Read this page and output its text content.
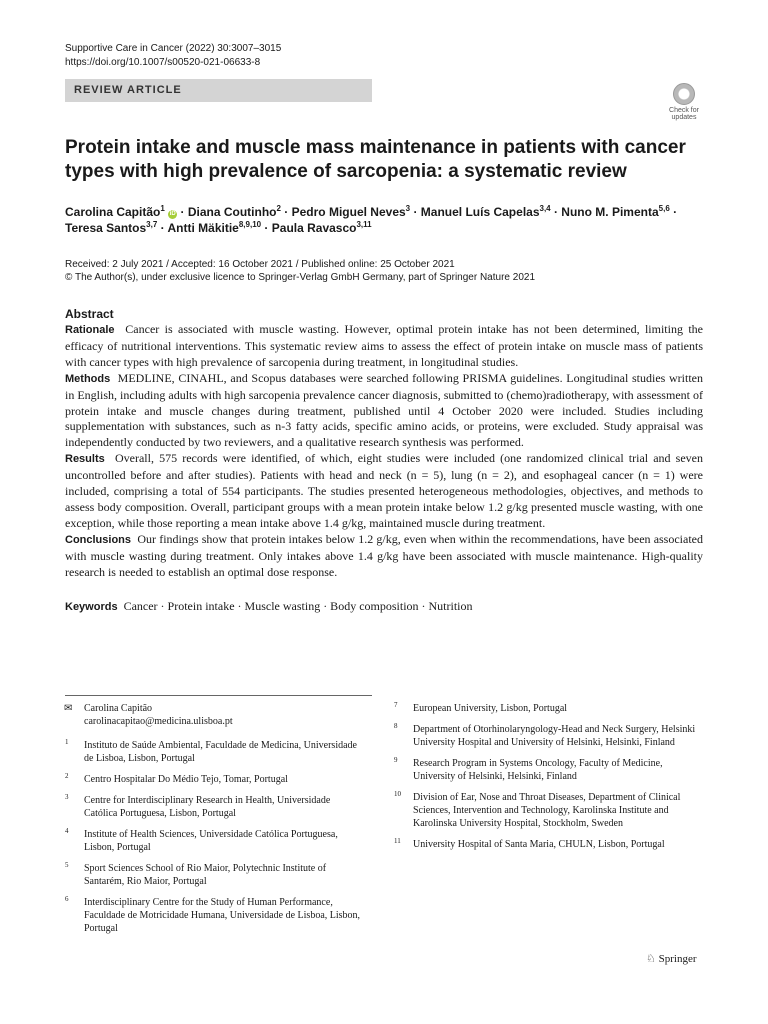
Supportive Care in Cancer (2022) 30:3007–3015
https://doi.org/10.1007/s00520-021-06633-8
REVIEW ARTICLE
Check for
updates
Protein intake and muscle mass maintenance in patients with cancer types with high prevalence of sarcopenia: a systematic review

Carolina Capitão$^1$ iD · Diana Coutinho$^2$ · Pedro Miguel Neves$^3$ · Manuel Luís Capelas$^{3,4}$ · Nuno M. Pimenta$^{5,6}$ ·
Teresa Santos$^{3,7}$ · Antti Mäkitie$^{8,9,10}$ · Paula Ravasco$^{3,11}$

Received: 2 July 2021 / Accepted: 16 October 2021 / Published online: 25 October 2021
© The Author(s), under exclusive licence to Springer-Verlag GmbH Germany, part of Springer Nature 2021
Abstract

Rationale Cancer is associated with muscle wasting. However, optimal protein intake has not been determined, limiting the efficacy of nutritional interventions. This systematic review aims to assess the effect of protein intake on muscle mass of patients with cancer types with high prevalence of sarcopenia during treatment, in longitudinal studies.

Methods MEDLINE, CINAHL, and Scopus databases were searched following PRISMA guidelines. Longitudinal studies written in English, including adults with high sarcopenia prevalence cancer diagnosis, submitted to (chemo)radiotherapy, with assessment of protein intake and muscle changes during treatment, published until 4 October 2020 were included. Studies including supplementation with substances, such as n-3 fatty acids, specific amino acids, or proteins, were excluded. Study appraisal was independently conducted by two reviewers, and a qualitative research synthesis was performed.

Results Overall, 575 records were identified, of which, eight studies were included (one randomized clinical trial and seven uncontrolled before and after studies). Patients with head and neck (n = 5), lung (n = 2), and esophageal cancer (n = 1) were included, comprising a total of 554 participants. The studies presented heterogeneous methodologies, objectives, and methods to assess body composition. Overall, participant groups with a mean protein intake below 1.2 g/kg presented muscle wasting, with one exception, while those reporting a mean intake above 1.4 g/kg, maintained muscle during treatment.

Conclusions Our findings show that protein intakes below 1.2 g/kg, even when within the recommendations, have been associated with muscle wasting during treatment. Only intakes above 1.4 g/kg have been associated with muscle maintenance. High-quality research is needed to establish an optimal dose response.

Keywords Cancer · Protein intake · Muscle wasting · Body composition · Nutrition
✉ Carolina Capitão
carolinacapitao@medicina.ulisboa.pt
1 Instituto de Saúde Ambiental, Faculdade de Medicina, Universidade de Lisboa, Lisbon, Portugal
2 Centro Hospitalar Do Médio Tejo, Tomar, Portugal
3 Centre for Interdisciplinary Research in Health, Universidade Católica Portuguesa, Lisbon, Portugal
4 Institute of Health Sciences, Universidade Católica Portuguesa, Lisbon, Portugal
5 Sport Sciences School of Rio Maior, Polytechnic Institute of Santarém, Rio Maior, Portugal
6 Interdisciplinary Centre for the Study of Human Performance, Faculdade de Motricidade Humana, Universidade de Lisboa, Lisbon, Portugal
7 European University, Lisbon, Portugal
8 Department of Otorhinolaryngology-Head and Neck Surgery, Helsinki University Hospital and University of Helsinki, Helsinki, Finland
9 Research Program in Systems Oncology, Faculty of Medicine, University of Helsinki, Helsinki, Finland
10 Division of Ear, Nose and Throat Diseases, Department of Clinical Sciences, Intervention and Technology, Karolinska Institute and Karolinska University Hospital, Stockholm, Sweden
11 University Hospital of Santa Maria, CHULN, Lisbon, Portugal
♘ Springer
